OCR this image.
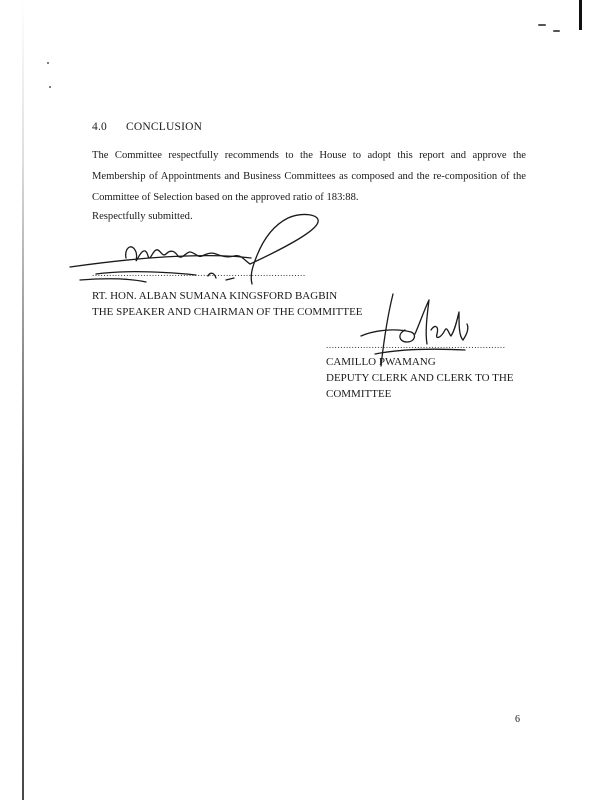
4.0 CONCLUSION

The Committee respectfully recommends to the House to adopt this report and approve the Membership of Appointments and Business Committees as composed and the re-composition of the Committee of Selection based on the approved ratio of 183:88.

Respectfully submitted.
...........................................................................
RT. HON. ALBAN SUMANA KINGSFORD BAGBIN
THE SPEAKER AND CHAIRMAN OF THE COMMITTEE
...............................................................
CAMILLO PWAMANG
DEPUTY CLERK AND CLERK TO THE
COMMITTEE
6
